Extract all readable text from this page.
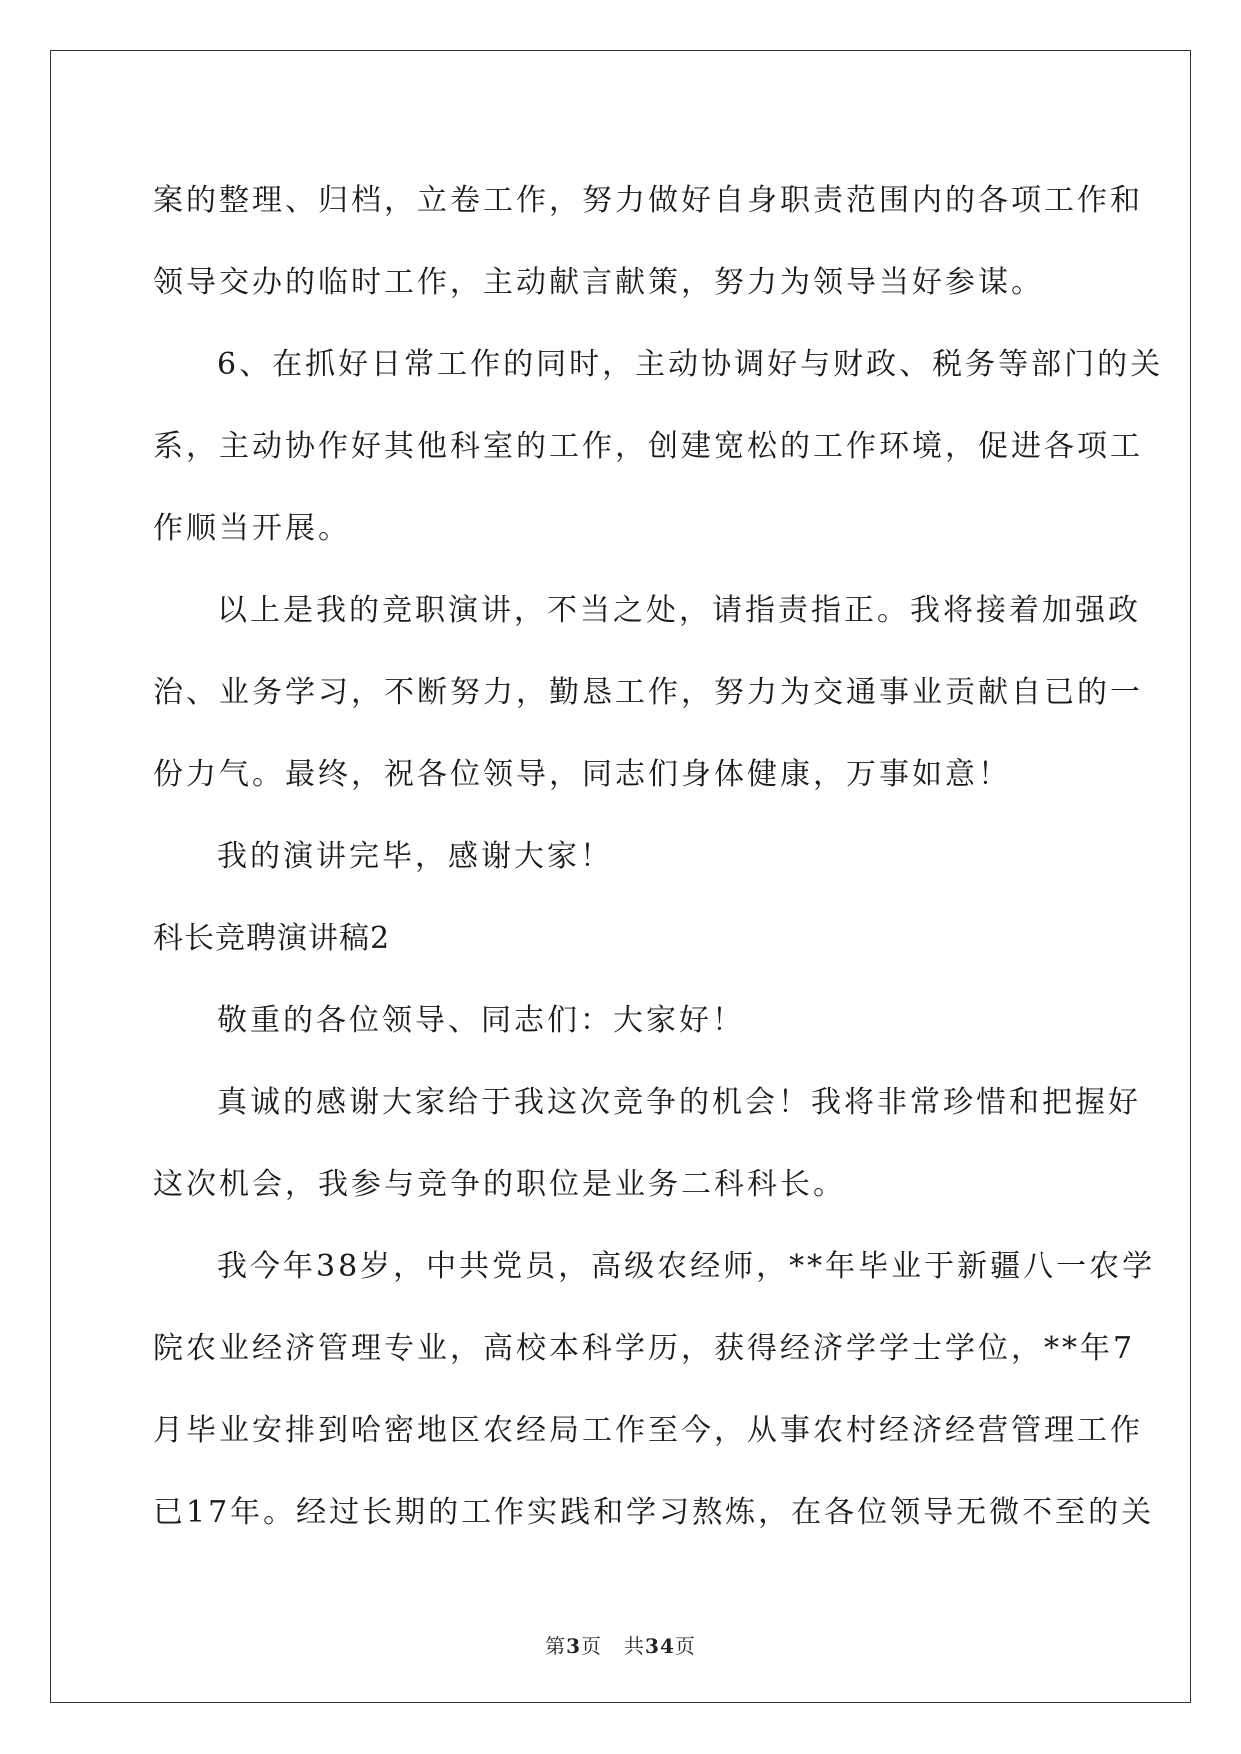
案的整理、归档，立卷工作，努力做好自身职责范围内的各项工作和
领导交办的临时工作，主动献言献策，努力为领导当好参谋。

6、在抓好日常工作的同时，主动协调好与财政、税务等部门的关
系，主动协作好其他科室的工作，创建宽松的工作环境，促进各项工
作顺当开展。

以上是我的竞职演讲，不当之处，请指责指正。我将接着加强政
治、业务学习，不断努力，勤恳工作，努力为交通事业贡献自已的一
份力气。最终，祝各位领导，同志们身体健康，万事如意！

我的演讲完毕，感谢大家！

科长竞聘演讲稿2

敬重的各位领导、同志们：大家好！

真诚的感谢大家给于我这次竞争的机会！我将非常珍惜和把握好
这次机会，我参与竞争的职位是业务二科科长。

我今年38岁，中共党员，高级农经师，**年毕业于新疆八一农学
院农业经济管理专业，高校本科学历，获得经济学学士学位，**年7
月毕业安排到哈密地区农经局工作至今，从事农村经济经营管理工作
已17年。经过长期的工作实践和学习熬炼，在各位领导无微不至的关

第3页 共34页
